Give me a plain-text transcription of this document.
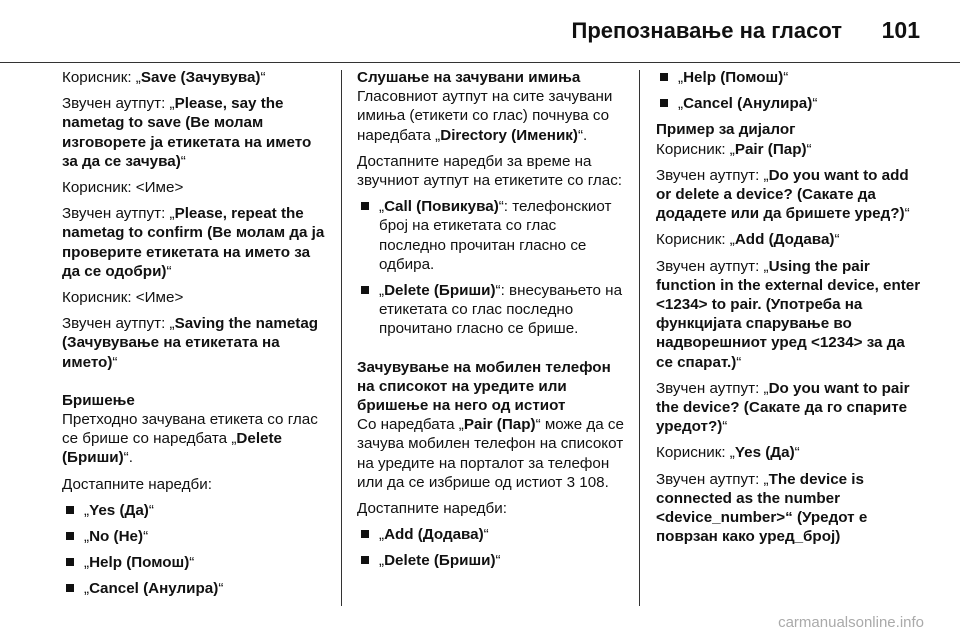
Препознавање на гласот 101

Корисник: „Save (Зачувува)“

Звучен аутпут: „Please, say the nametag to save (Ве молам изговорете ја етикетата на името за да се зачува)“

Корисник: <Име>

Звучен аутпут: „Please, repeat the nametag to confirm (Ве молам да ја проверите етикетата на името за да се одобри)“

Корисник: <Име>

Звучен аутпут: „Saving the nametag (Зачувување на етикетата на името)“

Бришење

Претходно зачувана етикета со глас се брише со наредбата „Delete (Бриши)“.

Достапните наредби:

„Yes (Да)“
„No (Не)“
„Help (Помош)“
„Cancel (Анулира)“
Слушање на зачувани имиња

Гласовниот аутпут на сите зачувани имиња (етикети со глас) почнува со наредбата „Directory (Именик)“.

Достапните наредби за време на звучниот аутпут на етикетите со глас:

„Call (Повикува)“: телефонскиот број на етикетата со глас последно прочитан гласно се одбира.
„Delete (Бриши)“: внесувањето на етикетата со глас последно прочитано гласно се брише.
Зачувување на мобилен телефон на списокот на уредите или бришење на него од истиот

Со наредбата „Pair (Пар)“ може да се зачува мобилен телефон на списокот на уредите на порталот за телефон или да се избрише од истиот 3 108.

Достапните наредби:

„Add (Додава)“
„Delete (Бриши)“
„Help (Помош)“
„Cancel (Анулира)“
Пример за дијалог

Корисник: „Pair (Пар)“

Звучен аутпут: „Do you want to add or delete a device? (Сакате да додадете или да бришете уред?)“

Корисник: „Add (Додава)“

Звучен аутпут: „Using the pair function in the external device, enter <1234> to pair. (Употреба на функцијата спарување во надворешниот уред <1234> за да се спарат.)“

Звучен аутпут: „Do you want to pair the device? (Сакате да го спарите уредот?)“

Корисник: „Yes (Да)“

Звучен аутпут: „The device is connected as the number <device_number>“ (Уредот е поврзан како уред_број)

carmanualsonline.info
